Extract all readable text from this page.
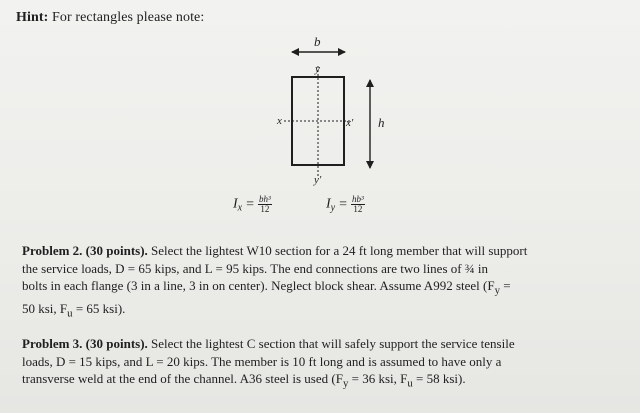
Hint: For rectangles please note:
b
y
x	x' h
y'
$I_x = \frac{\text{bh³}}{12}$	$I_y = \frac{\text{hb³}}{12}$

Problem 2. (30 points). Select the lightest W10 section for a 24 ft long member that will support
the service loads, D = 65 kips, and L = 95 kips. The end connections are two lines of ¾ in
bolts in each flange (3 in a line, 3 in on center). Neglect block shear. Assume A992 steel ($F_y$ =
50 ksi, $F_u = 65$ ksi).

Problem 3. (30 points). Select the lightest C section that will safely support the service tensile
loads, D = 15 kips, and L = 20 kips. The member is 10 ft long and is assumed to have only a
transverse weld at the end of the channel. A36 steel is used ($F_y = 36$ ksi, $F_u = 58$ ksi).
